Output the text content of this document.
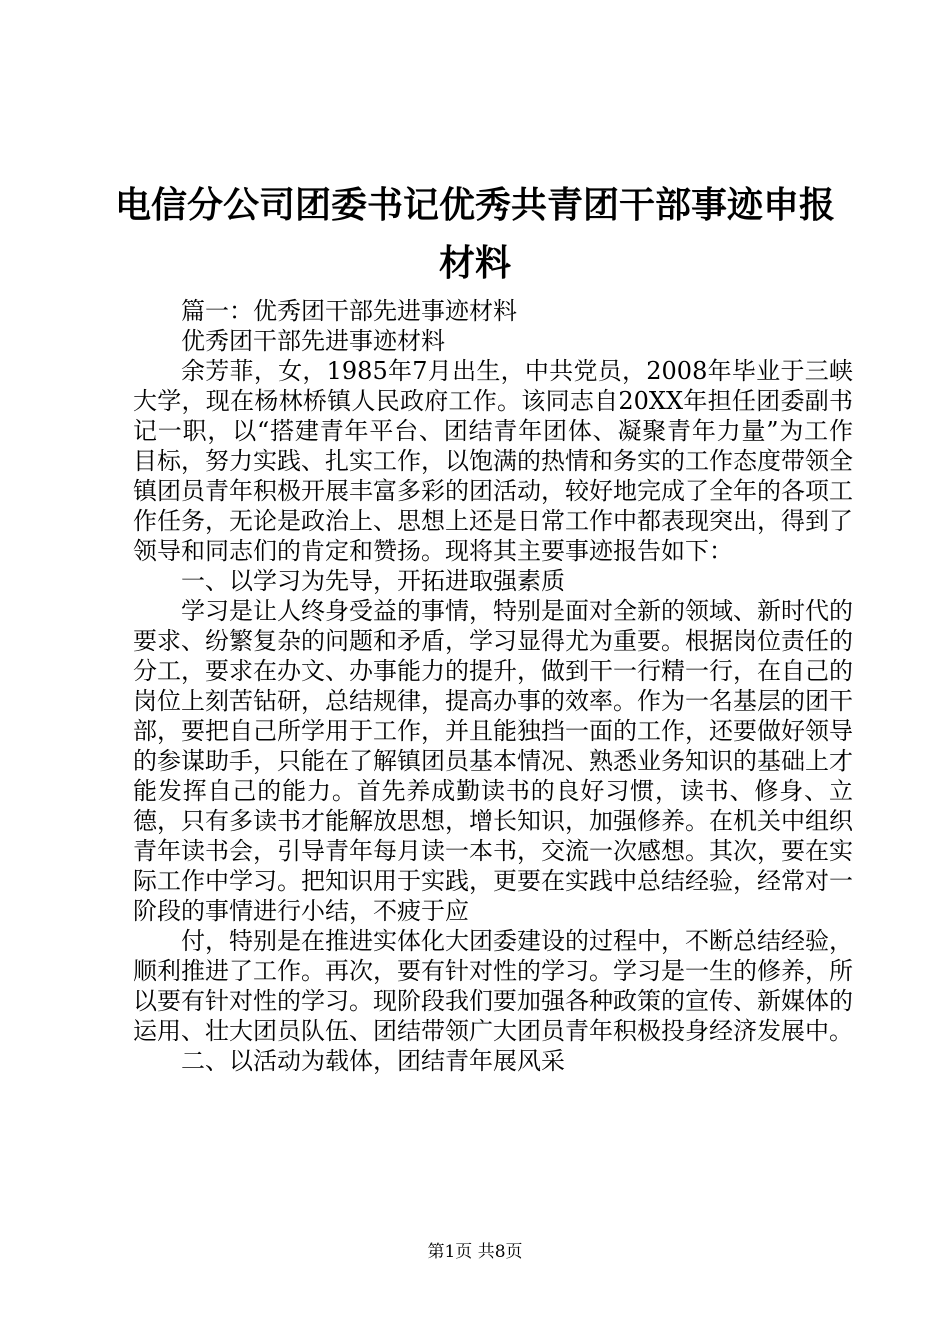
电信分公司团委书记优秀共青团干部事迹申报材料

篇一：优秀团干部先进事迹材料

优秀团干部先进事迹材料

余芳菲，女，1985年7月出生，中共党员，2008年毕业于三峡大学，现在杨林桥镇人民政府工作。该同志自20XX年担任团委副书记一职，以“搭建青年平台、团结青年团体、凝聚青年力量”为工作目标，努力实践、扎实工作，以饱满的热情和务实的工作态度带领全镇团员青年积极开展丰富多彩的团活动，较好地完成了全年的各项工作任务，无论是政治上、思想上还是日常工作中都表现突出，得到了领导和同志们的肯定和赞扬。现将其主要事迹报告如下：

一、以学习为先导，开拓进取强素质

学习是让人终身受益的事情，特别是面对全新的领域、新时代的要求、纷繁复杂的问题和矛盾，学习显得尤为重要。根据岗位责任的分工，要求在办文、办事能力的提升，做到干一行精一行，在自己的岗位上刻苦钻研，总结规律，提高办事的效率。作为一名基层的团干部，要把自己所学用于工作，并且能独挡一面的工作，还要做好领导的参谋助手，只能在了解镇团员基本情况、熟悉业务知识的基础上才能发挥自己的能力。首先养成勤读书的良好习惯，读书、修身、立德，只有多读书才能解放思想，增长知识，加强修养。在机关中组织青年读书会，引导青年每月读一本书，交流一次感想。其次，要在实际工作中学习。把知识用于实践，更要在实践中总结经验，经常对一阶段的事情进行小结，不疲于应

付，特别是在推进实体化大团委建设的过程中，不断总结经验，顺利推进了工作。再次，要有针对性的学习。学习是一生的修养，所以要有针对性的学习。现阶段我们要加强各种政策的宣传、新媒体的运用、壮大团员队伍、团结带领广大团员青年积极投身经济发展中。

二、以活动为载体，团结青年展风采

第1页 共8页
